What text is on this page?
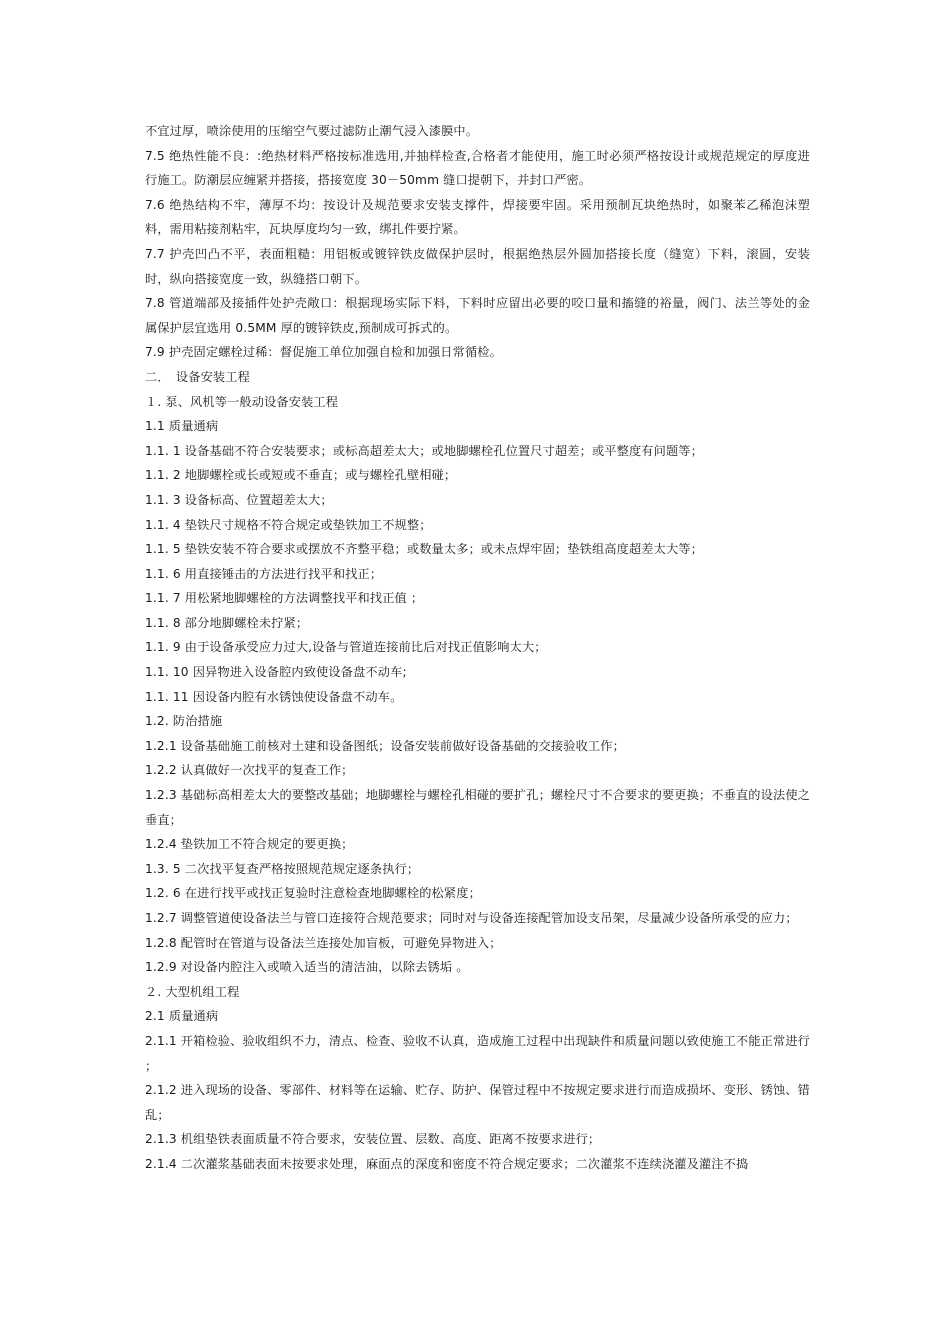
不宜过厚，喷涂使用的压缩空气要过滤防止潮气浸入漆膜中。

7.5 绝热性能不良：:绝热材料严格按标准选用,并抽样检查,合格者才能使用，施工时必须严格按设计或规范规定的厚度进行施工。防潮层应缠紧并搭接，搭接宽度 30－50mm 缝口提朝下，并封口严密。

7.6 绝热结构不牢，薄厚不均：按设计及规范要求安装支撑件，焊接要牢固。采用预制瓦块绝热时，如聚苯乙稀泡沫塑料，需用粘接剂粘牢，瓦块厚度均匀一致，绑扎件要拧紧。

7.7 护壳凹凸不平，表面粗糙：用铝板或镀锌铁皮做保护层时，根据绝热层外圆加搭接长度（缝宽）下料，滚圆，安装时，纵向搭接宽度一致，纵缝搭口朝下。

7.8 管道端部及接插件处护壳敞口：根据现场实际下料，下料时应留出必要的咬口量和搐缝的裕量，阀门、法兰等处的金属保护层宜选用 0.5MM 厚的镀锌铁皮,预制成可拆式的。

7.9 护壳固定螺栓过稀：督促施工单位加强自检和加强日常循检。

二．　设备安装工程

１. 泵、风机等一般动设备安装工程

1.1 质量通病

1.1. 1 设备基础不符合安装要求；或标高超差太大；或地脚螺栓孔位置尺寸超差；或平整度有问题等；

1.1. 2 地脚螺栓或长或短或不垂直；或与螺栓孔壁相碰；

1.1. 3 设备标高、位置超差太大；

1.1. 4 垫铁尺寸规格不符合规定或垫铁加工不规整；

1.1. 5 垫铁安装不符合要求或摆放不齐整平稳；或数量太多；或未点焊牢固；垫铁组高度超差太大等；

1.1. 6 用直接锤击的方法进行找平和找正；

1.1. 7 用松紧地脚螺栓的方法调整找平和找正值 ；

1.1. 8 部分地脚螺栓未拧紧；

1.1. 9 由于设备承受应力过大,设备与管道连接前比后对找正值影响太大；

1.1. 10 因异物进入设备腔内致使设备盘不动车;

1.1. 11 因设备内腔有水锈蚀使设备盘不动车。

1.2. 防治措施

1.2.1 设备基础施工前核对土建和设备图纸；设备安装前做好设备基础的交接验收工作；

1.2.2 认真做好一次找平的复查工作；

1.2.3 基础标高相差太大的要整改基础；地脚螺栓与螺栓孔相碰的要扩孔；螺栓尺寸不合要求的要更换；不垂直的设法使之垂直；

1.2.4 垫铁加工不符合规定的要更换；

1.3. 5 二次找平复查严格按照规范规定逐条执行；

1.2. 6 在进行找平或找正复验时注意检查地脚螺栓的松紧度；

1.2.7 调整管道使设备法兰与管口连接符合规范要求；同时对与设备连接配管加设支吊架，尽量减少设备所承受的应力；

1.2.8 配管时在管道与设备法兰连接处加盲板，可避免异物进入；

1.2.9 对设备内腔注入或喷入适当的清洁油，以除去锈垢 。

２. 大型机组工程

2.1 质量通病

2.1.1 开箱检验、验收组织不力，清点、检查、验收不认真，造成施工过程中出现缺件和质量问题以致使施工不能正常进行 ；

2.1.2 进入现场的设备、零部件、材料等在运输、贮存、防护、保管过程中不按规定要求进行而造成损坏、变形、锈蚀、错乱；

2.1.3 机组垫铁表面质量不符合要求，安装位置、层数、高度、距离不按要求进行；

2.1.4 二次灌浆基础表面未按要求处理，麻面点的深度和密度不符合规定要求；二次灌浆不连续浇灌及灌注不捣
